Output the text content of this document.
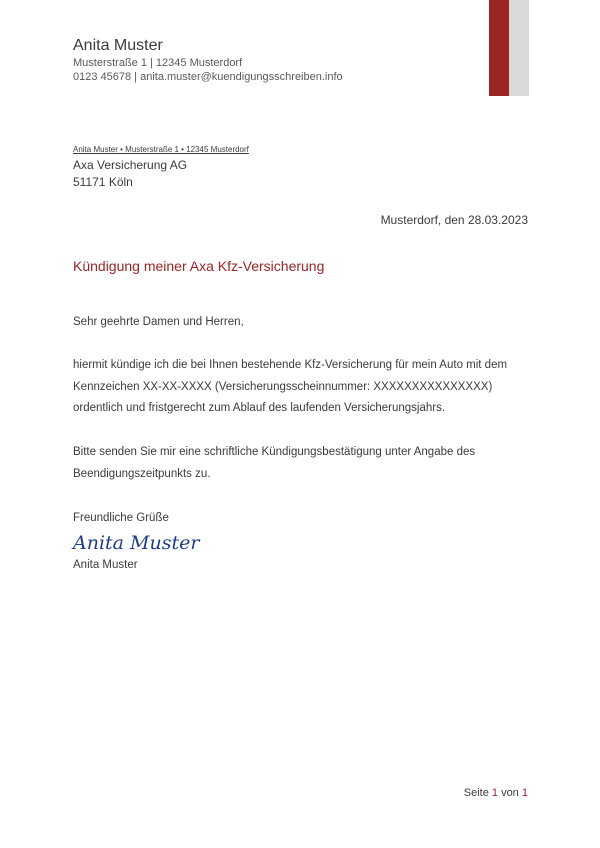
Anita Muster
Musterstraße 1 | 12345 Musterdorf
0123 45678 | anita.muster@kuendigungsschreiben.info
Anita Muster • Musterstraße 1 • 12345 Musterdorf
Axa Versicherung AG
51171 Köln
Musterdorf, den 28.03.2023
Kündigung meiner Axa Kfz-Versicherung
Sehr geehrte Damen und Herren,
hiermit kündige ich die bei Ihnen bestehende Kfz-Versicherung für mein Auto mit dem
Kennzeichen XX-XX-XXXX (Versicherungsscheinnummer: XXXXXXXXXXXXXXX)
ordentlich und fristgerecht zum Ablauf des laufenden Versicherungsjahrs.
Bitte senden Sie mir eine schriftliche Kündigungsbestätigung unter Angabe des
Beendigungszeitpunkts zu.
Freundliche Grüße
Anita Muster
Anita Muster
Seite 1 von 1
